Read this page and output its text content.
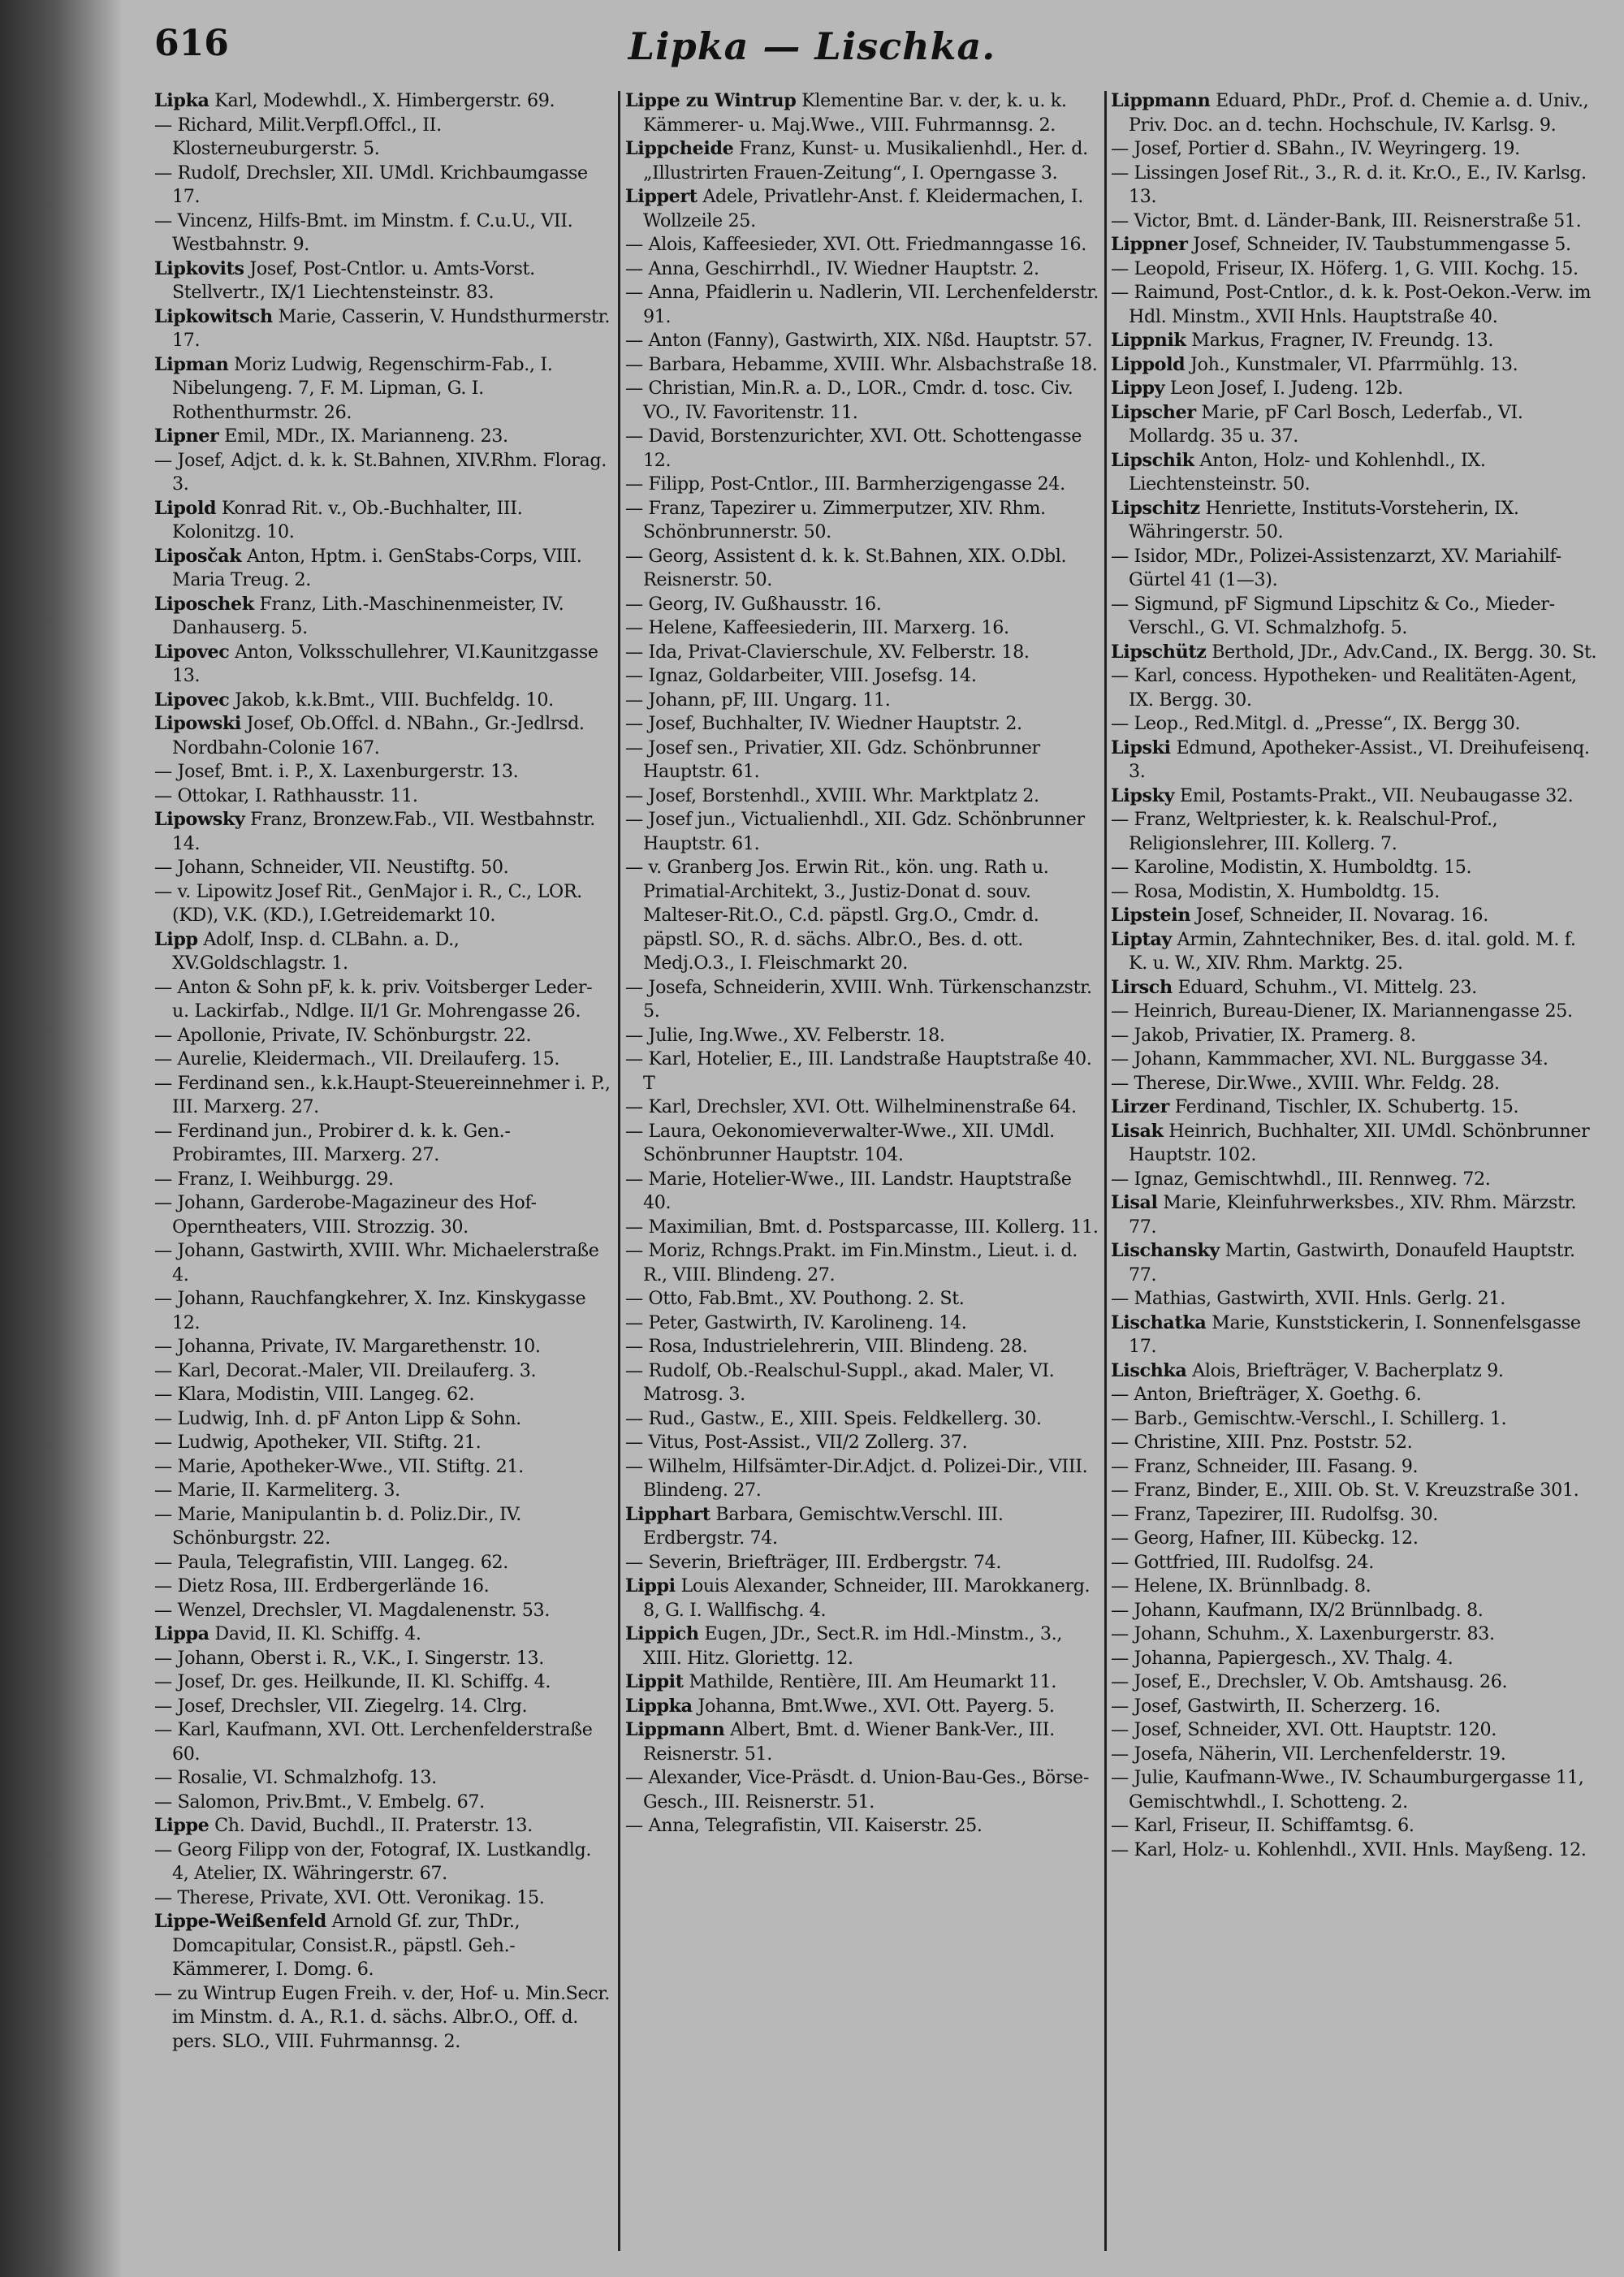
616	Lipka — Lischka.

Lipka Karl, Modewhdl., X. Himbergerstr. 69.

— Richard, Milit.Verpfl.Offcl., II. Klosterneuburgerstr. 5.

— Rudolf, Drechsler, XII. UMdl. Krichbaumgasse 17.

— Vincenz, Hilfs-Bmt. im Minstm. f. C.u.U., VII. Westbahnstr. 9.

Lipkovits Josef, Post-Cntlor. u. Amts-Vorst. Stellvertr., IX/1 Liechtensteinstr. 83.

Lipkowitsch Marie, Casserin, V. Hundsthurmerstr. 17.

Lipman Moriz Ludwig, Regenschirm-Fab., I. Nibelungeng. 7, F. M. Lipman, G. I. Rothenthurmstr. 26.

Lipner Emil, MDr., IX. Marianneng. 23.

— Josef, Adjct. d. k. k. St.Bahnen, XIV.Rhm. Florag. 3.

Lipold Konrad Rit. v., Ob.-Buchhalter, III. Kolonitzg. 10.

Liposčak Anton, Hptm. i. GenStabs-Corps, VIII. Maria Treug. 2.

Liposchek Franz, Lith.-Maschinenmeister, IV. Danhauserg. 5.

Lipovec Anton, Volksschullehrer, VI.Kaunitzgasse 13.

Lipovec Jakob, k.k.Bmt., VIII. Buchfeldg. 10.

Lipowski Josef, Ob.Offcl. d. NBahn., Gr.-Jedlrsd. Nordbahn-Colonie 167.

— Josef, Bmt. i. P., X. Laxenburgerstr. 13.

— Ottokar, I. Rathhausstr. 11.

Lipowsky Franz, Bronzew.Fab., VII. Westbahnstr. 14.

— Johann, Schneider, VII. Neustiftg. 50.

— v. Lipowitz Josef Rit., GenMajor i. R., C., LOR. (KD), V.K. (KD.), I.Getreidemarkt 10.

Lipp Adolf, Insp. d. CLBahn. a. D., XV.Goldschlagstr. 1.

— Anton & Sohn pF, k. k. priv. Voitsberger Leder- u. Lackirfab., Ndlge. II/1 Gr. Mohrengasse 26.

— Apollonie, Private, IV. Schönburgstr. 22.

— Aurelie, Kleidermach., VII. Dreilauferg. 15.

— Ferdinand sen., k.k.Haupt-Steuereinnehmer i. P., III. Marxerg. 27.

— Ferdinand jun., Probirer d. k. k. Gen.-Probiramtes, III. Marxerg. 27.

— Franz, I. Weihburgg. 29.

— Johann, Garderobe-Magazineur des Hof-Operntheaters, VIII. Strozzig. 30.

— Johann, Gastwirth, XVIII. Whr. Michaelerstraße 4.

— Johann, Rauchfangkehrer, X. Inz. Kinskygasse 12.

— Johanna, Private, IV. Margarethenstr. 10.

— Karl, Decorat.-Maler, VII. Dreilauferg. 3.

— Klara, Modistin, VIII. Langeg. 62.

— Ludwig, Inh. d. pF Anton Lipp & Sohn.

— Ludwig, Apotheker, VII. Stiftg. 21.

— Marie, Apotheker-Wwe., VII. Stiftg. 21.

— Marie, II. Karmeliterg. 3.

— Marie, Manipulantin b. d. Poliz.Dir., IV. Schönburgstr. 22.

— Paula, Telegrafistin, VIII. Langeg. 62.

— Dietz Rosa, III. Erdbergerlände 16.

— Wenzel, Drechsler, VI. Magdalenenstr. 53.

Lippa David, II. Kl. Schiffg. 4.

— Johann, Oberst i. R., V.K., I. Singerstr. 13.

— Josef, Dr. ges. Heilkunde, II. Kl. Schiffg. 4.

— Josef, Drechsler, VII. Ziegelrg. 14. Clrg.

— Karl, Kaufmann, XVI. Ott. Lerchenfelderstraße 60.

— Rosalie, VI. Schmalzhofg. 13.

— Salomon, Priv.Bmt., V. Embelg. 67.

Lippe Ch. David, Buchdl., II. Praterstr. 13.

— Georg Filipp von der, Fotograf, IX. Lustkandlg. 4, Atelier, IX. Währingerstr. 67.

— Therese, Private, XVI. Ott. Veronikag. 15.

Lippe-Weißenfeld Arnold Gf. zur, ThDr., Domcapitular, Consist.R., päpstl. Geh.-Kämmerer, I. Domg. 6.

— zu Wintrup Eugen Freih. v. der, Hof- u. Min.Secr. im Minstm. d. A., R.1. d. sächs. Albr.O., Off. d. pers. SLO., VIII. Fuhrmannsg. 2.

Lippe zu Wintrup Klementine Bar. v. der, k. u. k. Kämmerer- u. Maj.Wwe., VIII. Fuhrmannsg. 2.

Lippcheide Franz, Kunst- u. Musikalienhdl., Her. d. „Illustrirten Frauen-Zeitung“, I. Operngasse 3.

Lippert Adele, Privatlehr-Anst. f. Kleidermachen, I. Wollzeile 25.

— Alois, Kaffeesieder, XVI. Ott. Friedmanngasse 16.

— Anna, Geschirrhdl., IV. Wiedner Hauptstr. 2.

— Anna, Pfaidlerin u. Nadlerin, VII. Lerchenfelderstr. 91.

— Anton (Fanny), Gastwirth, XIX. Nßd. Hauptstr. 57.

— Barbara, Hebamme, XVIII. Whr. Alsbachstraße 18.

— Christian, Min.R. a. D., LOR., Cmdr. d. tosc. Civ. VO., IV. Favoritenstr. 11.

— David, Borstenzurichter, XVI. Ott. Schottengasse 12.

— Filipp, Post-Cntlor., III. Barmherzigengasse 24.

— Franz, Tapezirer u. Zimmerputzer, XIV. Rhm. Schönbrunnerstr. 50.

— Georg, Assistent d. k. k. St.Bahnen, XIX. O.Dbl. Reisnerstr. 50.

— Georg, IV. Gußhausstr. 16.

— Helene, Kaffeesiederin, III. Marxerg. 16.

— Ida, Privat-Clavierschule, XV. Felberstr. 18.

— Ignaz, Goldarbeiter, VIII. Josefsg. 14.

— Johann, pF, III. Ungarg. 11.

— Josef, Buchhalter, IV. Wiedner Hauptstr. 2.

— Josef sen., Privatier, XII. Gdz. Schönbrunner Hauptstr. 61.

— Josef, Borstenhdl., XVIII. Whr. Marktplatz 2.

— Josef jun., Victualienhdl., XII. Gdz. Schönbrunner Hauptstr. 61.

— v. Granberg Jos. Erwin Rit., kön. ung. Rath u. Primatial-Architekt, 3., Justiz-Donat d. souv. Malteser-Rit.O., C.d. päpstl. Grg.O., Cmdr. d. päpstl. SO., R. d. sächs. Albr.O., Bes. d. ott. Medj.O.3., I. Fleischmarkt 20.

— Josefa, Schneiderin, XVIII. Wnh. Türkenschanzstr. 5.

— Julie, Ing.Wwe., XV. Felberstr. 18.

— Karl, Hotelier, E., III. Landstraße Hauptstraße 40. T

— Karl, Drechsler, XVI. Ott. Wilhelminenstraße 64.

— Laura, Oekonomieverwalter-Wwe., XII. UMdl. Schönbrunner Hauptstr. 104.

— Marie, Hotelier-Wwe., III. Landstr. Hauptstraße 40.

— Maximilian, Bmt. d. Postsparcasse, III. Kollerg. 11.

— Moriz, Rchngs.Prakt. im Fin.Minstm., Lieut. i. d. R., VIII. Blindeng. 27.

— Otto, Fab.Bmt., XV. Pouthong. 2. St.

— Peter, Gastwirth, IV. Karolineng. 14.

— Rosa, Industrielehrerin, VIII. Blindeng. 28.

— Rudolf, Ob.-Realschul-Suppl., akad. Maler, VI. Matrosg. 3.

— Rud., Gastw., E., XIII. Speis. Feldkellerg. 30.

— Vitus, Post-Assist., VII/2 Zollerg. 37.

— Wilhelm, Hilfsämter-Dir.Adjct. d. Polizei-Dir., VIII. Blindeng. 27.

Lipphart Barbara, Gemischtw.Verschl. III. Erdbergstr. 74.

— Severin, Briefträger, III. Erdbergstr. 74.

Lippi Louis Alexander, Schneider, III. Marokkanerg. 8, G. I. Wallfischg. 4.

Lippich Eugen, JDr., Sect.R. im Hdl.-Minstm., 3., XIII. Hitz. Gloriettg. 12.

Lippit Mathilde, Rentière, III. Am Heumarkt 11.

Lippka Johanna, Bmt.Wwe., XVI. Ott. Payerg. 5.

Lippmann Albert, Bmt. d. Wiener Bank-Ver., III. Reisnerstr. 51.

— Alexander, Vice-Präsdt. d. Union-Bau-Ges., Börse-Gesch., III. Reisnerstr. 51.

— Anna, Telegrafistin, VII. Kaiserstr. 25.

Lippmann Eduard, PhDr., Prof. d. Chemie a. d. Univ., Priv. Doc. an d. techn. Hochschule, IV. Karlsg. 9.

— Josef, Portier d. SBahn., IV. Weyringerg. 19.

— Lissingen Josef Rit., 3., R. d. it. Kr.O., E., IV. Karlsg. 13.

— Victor, Bmt. d. Länder-Bank, III. Reisnerstraße 51.

Lippner Josef, Schneider, IV. Taubstummengasse 5.

— Leopold, Friseur, IX. Höferg. 1, G. VIII. Kochg. 15.

— Raimund, Post-Cntlor., d. k. k. Post-Oekon.-Verw. im Hdl. Minstm., XVII Hnls. Hauptstraße 40.

Lippnik Markus, Fragner, IV. Freundg. 13.

Lippold Joh., Kunstmaler, VI. Pfarrmühlg. 13.

Lippy Leon Josef, I. Judeng. 12b.

Lipscher Marie, pF Carl Bosch, Lederfab., VI. Mollardg. 35 u. 37.

Lipschik Anton, Holz- und Kohlenhdl., IX. Liechtensteinstr. 50.

Lipschitz Henriette, Instituts-Vorsteherin, IX. Währingerstr. 50.

— Isidor, MDr., Polizei-Assistenzarzt, XV. Mariahilf-Gürtel 41 (1—3).

— Sigmund, pF Sigmund Lipschitz & Co., Mieder-Verschl., G. VI. Schmalzhofg. 5.

Lipschütz Berthold, JDr., Adv.Cand., IX. Bergg. 30. St.

— Karl, concess. Hypotheken- und Realitäten-Agent, IX. Bergg. 30.

— Leop., Red.Mitgl. d. „Presse“, IX. Bergg 30.

Lipski Edmund, Apotheker-Assist., VI. Dreihufeisenq. 3.

Lipsky Emil, Postamts-Prakt., VII. Neubaugasse 32.

— Franz, Weltpriester, k. k. Realschul-Prof., Religionslehrer, III. Kollerg. 7.

— Karoline, Modistin, X. Humboldtg. 15.

— Rosa, Modistin, X. Humboldtg. 15.

Lipstein Josef, Schneider, II. Novarag. 16.

Liptay Armin, Zahntechniker, Bes. d. ital. gold. M. f. K. u. W., XIV. Rhm. Marktg. 25.

Lirsch Eduard, Schuhm., VI. Mittelg. 23.

— Heinrich, Bureau-Diener, IX. Mariannengasse 25.

— Jakob, Privatier, IX. Pramerg. 8.

— Johann, Kammmacher, XVI. NL. Burggasse 34.

— Therese, Dir.Wwe., XVIII. Whr. Feldg. 28.

Lirzer Ferdinand, Tischler, IX. Schubertg. 15.

Lisak Heinrich, Buchhalter, XII. UMdl. Schönbrunner Hauptstr. 102.

— Ignaz, Gemischtwhdl., III. Rennweg. 72.

Lisal Marie, Kleinfuhrwerksbes., XIV. Rhm. Märzstr. 77.

Lischansky Martin, Gastwirth, Donaufeld Hauptstr. 77.

— Mathias, Gastwirth, XVII. Hnls. Gerlg. 21.

Lischatka Marie, Kunststickerin, I. Sonnenfelsgasse 17.

Lischka Alois, Briefträger, V. Bacherplatz 9.

— Anton, Briefträger, X. Goethg. 6.

— Barb., Gemischtw.-Verschl., I. Schillerg. 1.

— Christine, XIII. Pnz. Poststr. 52.

— Franz, Schneider, III. Fasang. 9.

— Franz, Binder, E., XIII. Ob. St. V. Kreuzstraße 301.

— Franz, Tapezirer, III. Rudolfsg. 30.

— Georg, Hafner, III. Kübeckg. 12.

— Gottfried, III. Rudolfsg. 24.

— Helene, IX. Brünnlbadg. 8.

— Johann, Kaufmann, IX/2 Brünnlbadg. 8.

— Johann, Schuhm., X. Laxenburgerstr. 83.

— Johanna, Papiergesch., XV. Thalg. 4.

— Josef, E., Drechsler, V. Ob. Amtshausg. 26.

— Josef, Gastwirth, II. Scherzerg. 16.

— Josef, Schneider, XVI. Ott. Hauptstr. 120.

— Josefa, Näherin, VII. Lerchenfelderstr. 19.

— Julie, Kaufmann-Wwe., IV. Schaumburgergasse 11, Gemischtwhdl., I. Schotteng. 2.

— Karl, Friseur, II. Schiffamtsg. 6.

— Karl, Holz- u. Kohlenhdl., XVII. Hnls. Mayßeng. 12.
